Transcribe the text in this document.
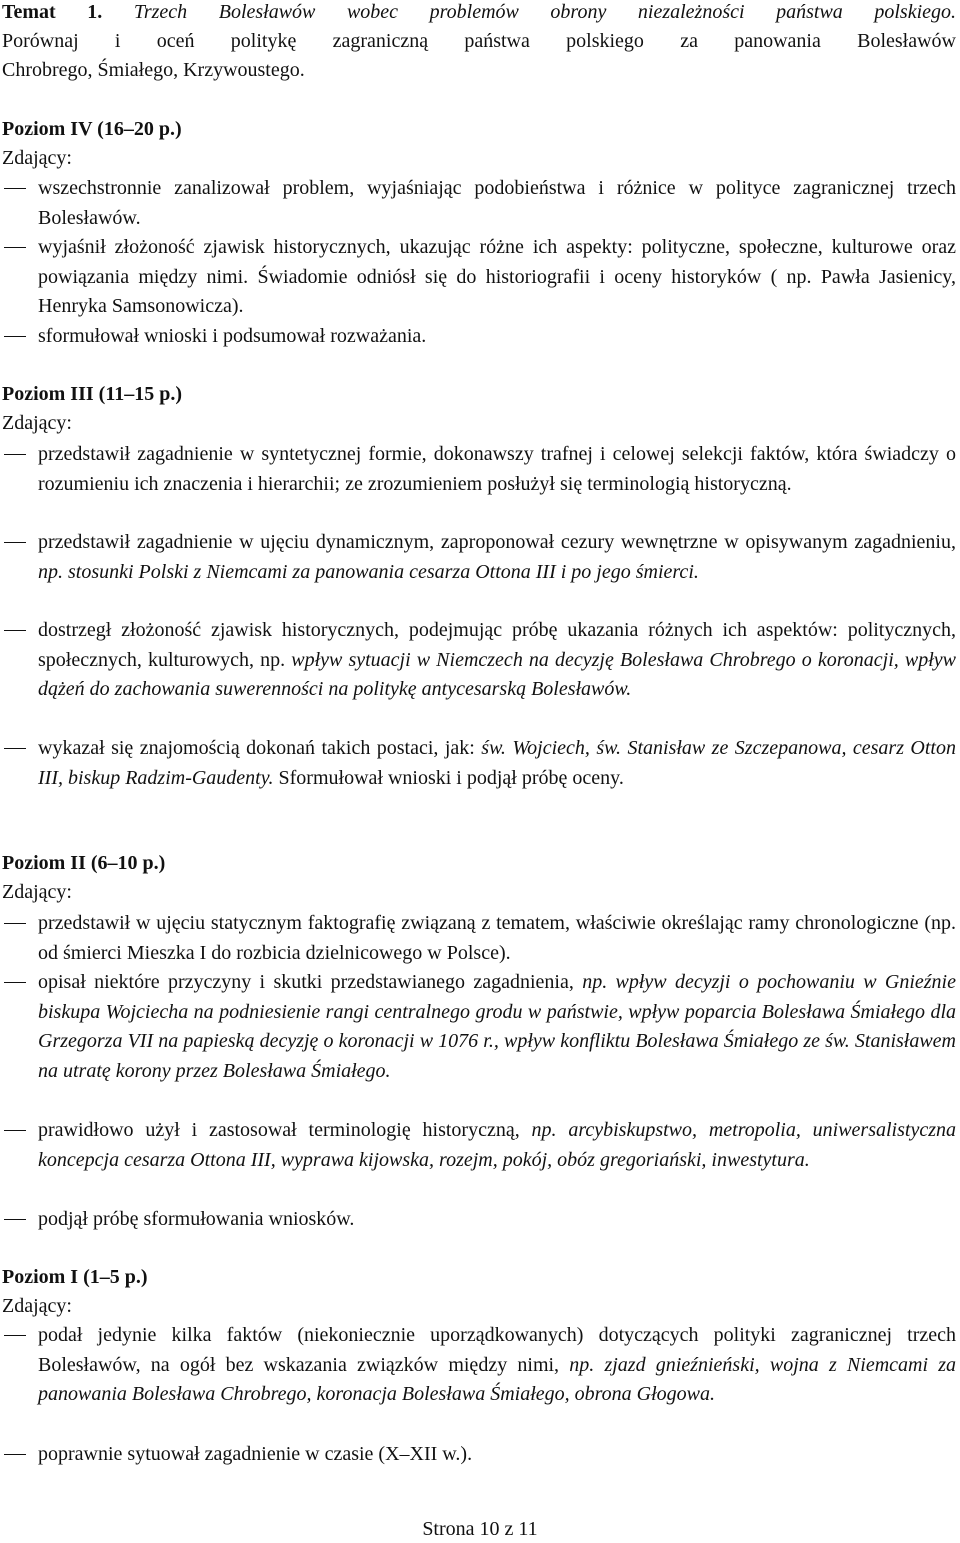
Temat 1. Trzech Bolesławów wobec problemów obrony niezależności państwa polskiego.
Porównaj i oceń politykę zagraniczną państwa polskiego za panowania Bolesławów
Chrobrego, Śmiałego, Krzywoustego.
Poziom IV (16–20 p.)
Zdający:
wszechstronnie zanalizował problem, wyjaśniając podobieństwa i różnice w polityce zagranicznej trzech Bolesławów.
wyjaśnił złożoność zjawisk historycznych, ukazując różne ich aspekty: polityczne, społeczne, kulturowe oraz powiązania między nimi. Świadomie odniósł się do historiografii i oceny historyków ( np. Pawła Jasienicy, Henryka Samsonowicza).
sformułował wnioski i podsumował rozważania.
Poziom III (11–15 p.)
Zdający:
przedstawił zagadnienie w syntetycznej formie, dokonawszy trafnej i celowej selekcji faktów, która świadczy o rozumieniu ich znaczenia i hierarchii; ze zrozumieniem posłużył się terminologią historyczną.
przedstawił zagadnienie w ujęciu dynamicznym, zaproponował cezury wewnętrzne w opisywanym zagadnieniu, np. stosunki Polski z Niemcami za panowania cesarza Ottona III i po jego śmierci.
dostrzegł złożoność zjawisk historycznych, podejmując próbę ukazania różnych ich aspektów: politycznych, społecznych, kulturowych, np. wpływ sytuacji w Niemczech na decyzję Bolesława Chrobrego o koronacji, wpływ dążeń do zachowania suwerenności na politykę antycesarską Bolesławów.
wykazał się znajomością dokonań takich postaci, jak: św. Wojciech, św. Stanisław ze Szczepanowa, cesarz Otton III, biskup Radzim-Gaudenty. Sformułował wnioski i podjął próbę oceny.
Poziom II (6–10 p.)
Zdający:
przedstawił w ujęciu statycznym faktografię związaną z tematem, właściwie określając ramy chronologiczne (np. od śmierci Mieszka I do rozbicia dzielnicowego w Polsce).
opisał niektóre przyczyny i skutki przedstawianego zagadnienia, np. wpływ decyzji o pochowaniu w Gnieźnie biskupa Wojciecha na podniesienie rangi centralnego grodu w państwie, wpływ poparcia Bolesława Śmiałego dla Grzegorza VII na papieską decyzję o koronacji w 1076 r., wpływ konfliktu Bolesława Śmiałego ze św. Stanisławem na utratę korony przez Bolesława Śmiałego.
prawidłowo użył i zastosował terminologię historyczną, np. arcybiskupstwo, metropolia, uniwersalistyczna koncepcja cesarza Ottona III, wyprawa kijowska, rozejm, pokój, obóz gregoriański, inwestytura.
podjął próbę sformułowania wniosków.
Poziom I (1–5 p.)
Zdający:
podał jedynie kilka faktów (niekoniecznie uporządkowanych) dotyczących polityki zagranicznej trzech Bolesławów, na ogół bez wskazania związków między nimi, np. zjazd gnieźnieński, wojna z Niemcami za panowania Bolesława Chrobrego, koronacja Bolesława Śmiałego, obrona Głogowa.
poprawnie sytuował zagadnienie w czasie (X–XII w.).
Strona 10 z 11
